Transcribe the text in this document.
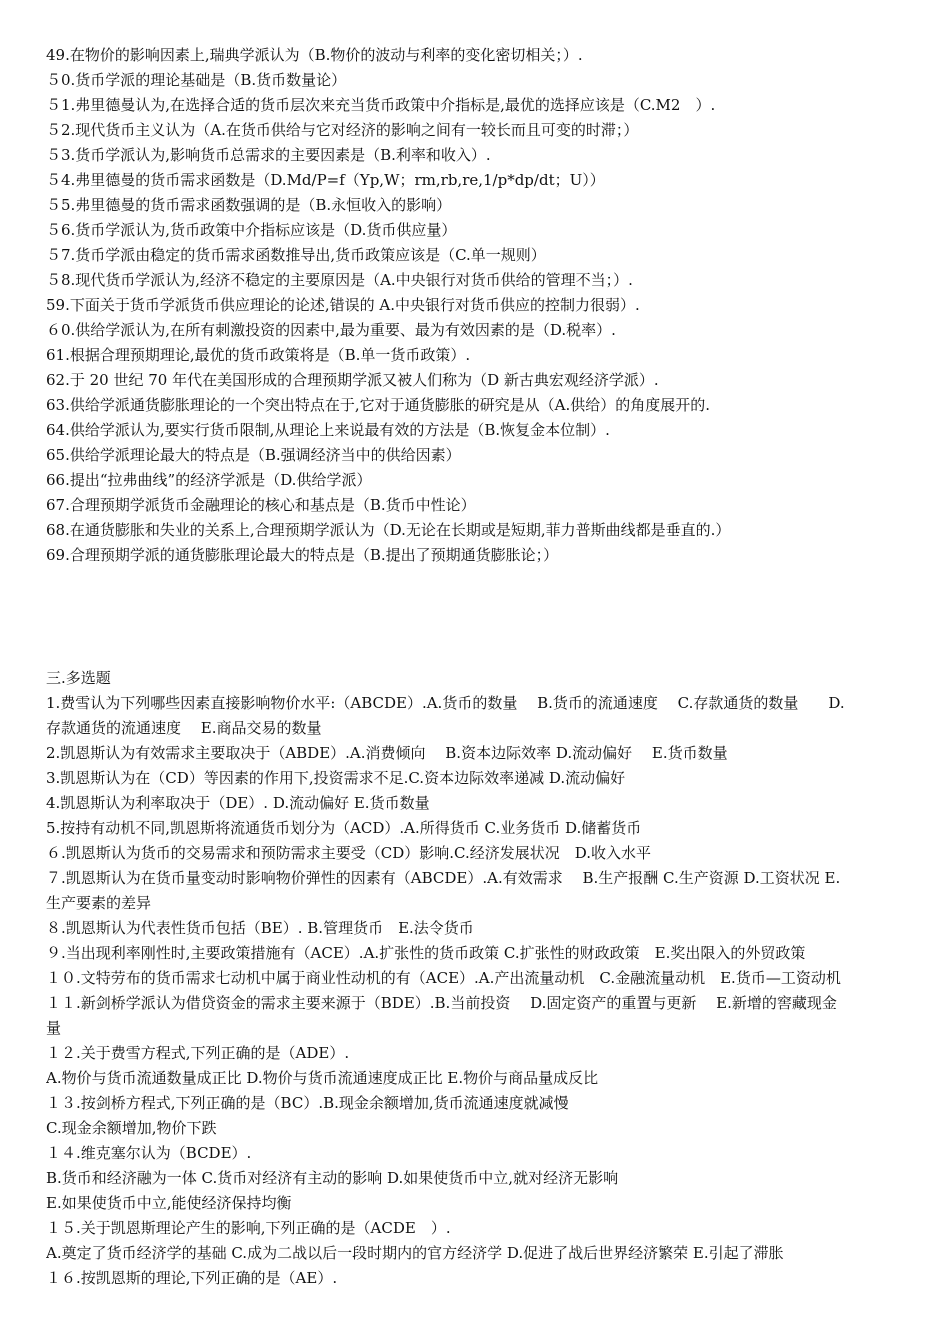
49.在物价的影响因素上,瑞典学派认为（B.物价的波动与利率的变化密切相关；）.
５0.货币学派的理论基础是（B.货币数量论）
５1.弗里德曼认为,在选择合适的货币层次来充当货币政策中介指标是,最优的选择应该是（C.M2　）.
５2.现代货币主义认为（A.在货币供给与它对经济的影响之间有一较长而且可变的时滞；）
５3.货币学派认为,影响货币总需求的主要因素是（B.利率和收入）.
５4.弗里德曼的货币需求函数是（D.Md/P=f（Yp,W；rm,rb,re,1/p*dp/dt；U））
５5.弗里德曼的货币需求函数强调的是（B.永恒收入的影响）
５6.货币学派认为,货币政策中介指标应该是（D.货币供应量）
５7.货币学派由稳定的货币需求函数推导出,货币政策应该是（C.单一规则）
５8.现代货币学派认为,经济不稳定的主要原因是（A.中央银行对货币供给的管理不当；）.
59.下面关于货币学派货币供应理论的论述,错误的 A.中央银行对货币供应的控制力很弱）.
６0.供给学派认为,在所有刺激投资的因素中,最为重要、最为有效因素的是（D.税率）.
61.根据合理预期理论,最优的货币政策将是（B.单一货币政策）.
62.于 20 世纪 70 年代在美国形成的合理预期学派又被人们称为（D 新古典宏观经济学派）.
63.供给学派通货膨胀理论的一个突出特点在于,它对于通货膨胀的研究是从（A.供给）的角度展开的.
64.供给学派认为,要实行货币限制,从理论上来说最有效的方法是（B.恢复金本位制）.
65.供给学派理论最大的特点是（B.强调经济当中的供给因素）
66.提出“拉弗曲线”的经济学派是（D.供给学派）
67.合理预期学派货币金融理论的核心和基点是（B.货币中性论）
68.在通货膨胀和失业的关系上,合理预期学派认为（D.无论在长期或是短期,菲力普斯曲线都是垂直的.）
69.合理预期学派的通货膨胀理论最大的特点是（B.提出了预期通货膨胀论；）
三.多选题
1.费雪认为下列哪些因素直接影响物价水平:（ABCDE）.A.货币的数量　 B.货币的流通速度　 C.存款通货的数量　　D.
存款通货的流通速度　 E.商品交易的数量
2.凯恩斯认为有效需求主要取决于（ABDE）.A.消费倾向　 B.资本边际效率 D.流动偏好　 E.货币数量
3.凯恩斯认为在（CD）等因素的作用下,投资需求不足.C.资本边际效率递减 D.流动偏好
4.凯恩斯认为利率取决于（DE）. D.流动偏好 E.货币数量
5.按持有动机不同,凯恩斯将流通货币划分为（ACD）.A.所得货币 C.业务货币 D.储蓄货币
６.凯恩斯认为货币的交易需求和预防需求主要受（CD）影响.C.经济发展状况　D.收入水平
７.凯恩斯认为在货币量变动时影响物价弹性的因素有（ABCDE）.A.有效需求　 B.生产报酬 C.生产资源 D.工资状况 E.
生产要素的差异
８.凯恩斯认为代表性货币包括（BE）. B.管理货币　E.法令货币
９.当出现利率刚性时,主要政策措施有（ACE）.A.扩张性的货币政策 C.扩张性的财政政策　E.奖出限入的外贸政策
１０.文特劳布的货币需求七动机中属于商业性动机的有（ACE）.A.产出流量动机　C.金融流量动机　E.货币—工资动机
１１.新剑桥学派认为借贷资金的需求主要来源于（BDE）.B.当前投资　 D.固定资产的重置与更新　 E.新增的窖藏现金
量
１２.关于费雪方程式,下列正确的是（ADE）.
A.物价与货币流通数量成正比 D.物价与货币流通速度成正比 E.物价与商品量成反比
１３.按剑桥方程式,下列正确的是（BC）.B.现金余额增加,货币流通速度就减慢
C.现金余额增加,物价下跌
１４.维克塞尔认为（BCDE）.
B.货币和经济融为一体 C.货币对经济有主动的影响 D.如果使货币中立,就对经济无影响
E.如果使货币中立,能使经济保持均衡
１５.关于凯恩斯理论产生的影响,下列正确的是（ACDE　）.
A.奠定了货币经济学的基础 C.成为二战以后一段时期内的官方经济学 D.促进了战后世界经济繁荣 E.引起了滞胀
１６.按凯恩斯的理论,下列正确的是（AE）.
